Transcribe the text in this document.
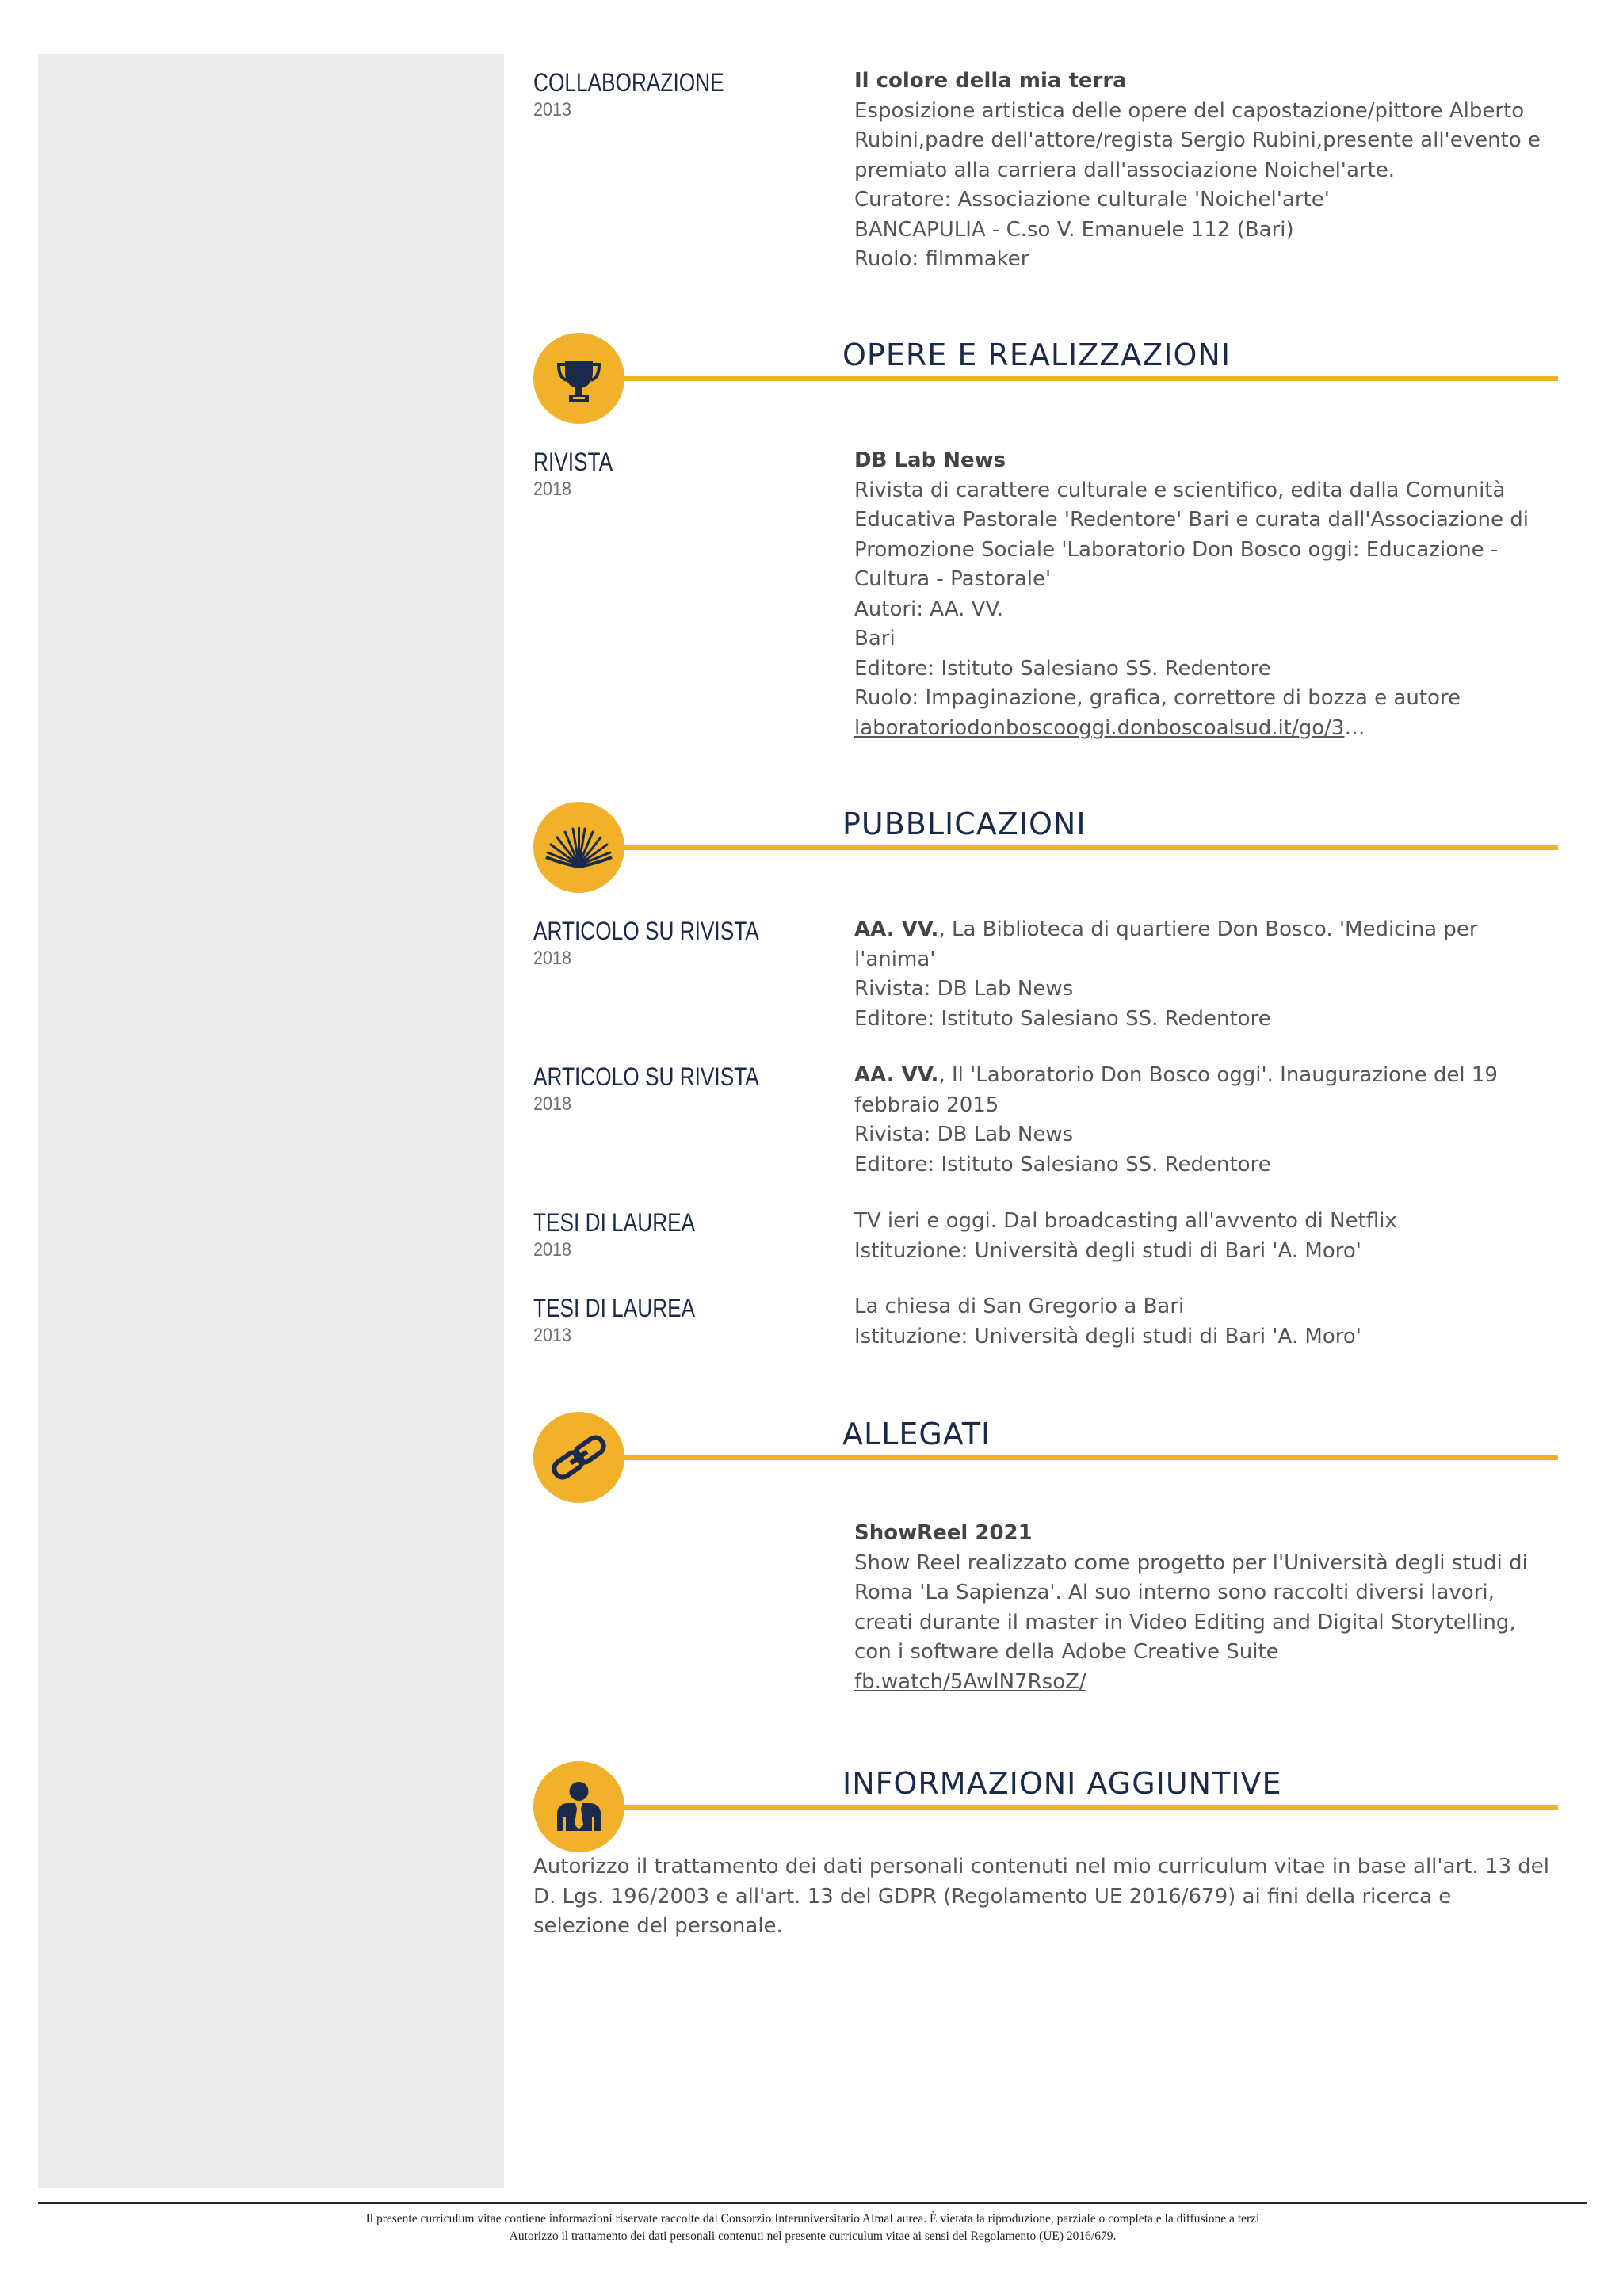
COLLABORAZIONE
2013
Il colore della mia terra
Esposizione artistica delle opere del capostazione/pittore Alberto
Rubini,padre dell'attore/regista Sergio Rubini,presente all'evento e
premiato alla carriera dall'associazione Noichel'arte.
Curatore: Associazione culturale 'Noichel'arte'
BANCAPULIA - C.so V. Emanuele 112 (Bari)
Ruolo: filmmaker
OPERE E REALIZZAZIONI
RIVISTA
2018
DB Lab News
Rivista di carattere culturale e scientifico, edita dalla Comunità
Educativa Pastorale 'Redentore' Bari e curata dall'Associazione di
Promozione Sociale 'Laboratorio Don Bosco oggi: Educazione -
Cultura - Pastorale'
Autori: AA. VV.
Bari
Editore: Istituto Salesiano SS. Redentore
Ruolo: Impaginazione, grafica, correttore di bozza e autore
laboratoriodonboscooggi.donboscoalsud.it/go/3…
PUBBLICAZIONI
ARTICOLO SU RIVISTA
2018
AA. VV., La Biblioteca di quartiere Don Bosco. 'Medicina per
l'anima'
Rivista: DB Lab News
Editore: Istituto Salesiano SS. Redentore
ARTICOLO SU RIVISTA
2018
AA. VV., Il 'Laboratorio Don Bosco oggi'. Inaugurazione del 19
febbraio 2015
Rivista: DB Lab News
Editore: Istituto Salesiano SS. Redentore
TESI DI LAUREA
2018
TV ieri e oggi. Dal broadcasting all'avvento di Netflix
Istituzione: Università degli studi di Bari 'A. Moro'
TESI DI LAUREA
2013
La chiesa di San Gregorio a Bari
Istituzione: Università degli studi di Bari 'A. Moro'
ALLEGATI
ShowReel 2021
Show Reel realizzato come progetto per l'Università degli studi di
Roma 'La Sapienza'. Al suo interno sono raccolti diversi lavori,
creati durante il master in Video Editing and Digital Storytelling,
con i software della Adobe Creative Suite
fb.watch/5AwlN7RsoZ/
INFORMAZIONI AGGIUNTIVE
Autorizzo il trattamento dei dati personali contenuti nel mio curriculum vitae in base all'art. 13 del
D. Lgs. 196/2003 e all'art. 13 del GDPR (Regolamento UE 2016/679) ai fini della ricerca e
selezione del personale.
Il presente curriculum vitae contiene informazioni riservate raccolte dal Consorzio Interuniversitario AlmaLaurea. È vietata la riproduzione, parziale o completa e la diffusione a terzi
Autorizzo il trattamento dei dati personali contenuti nel presente curriculum vitae ai sensi del Regolamento (UE) 2016/679.
